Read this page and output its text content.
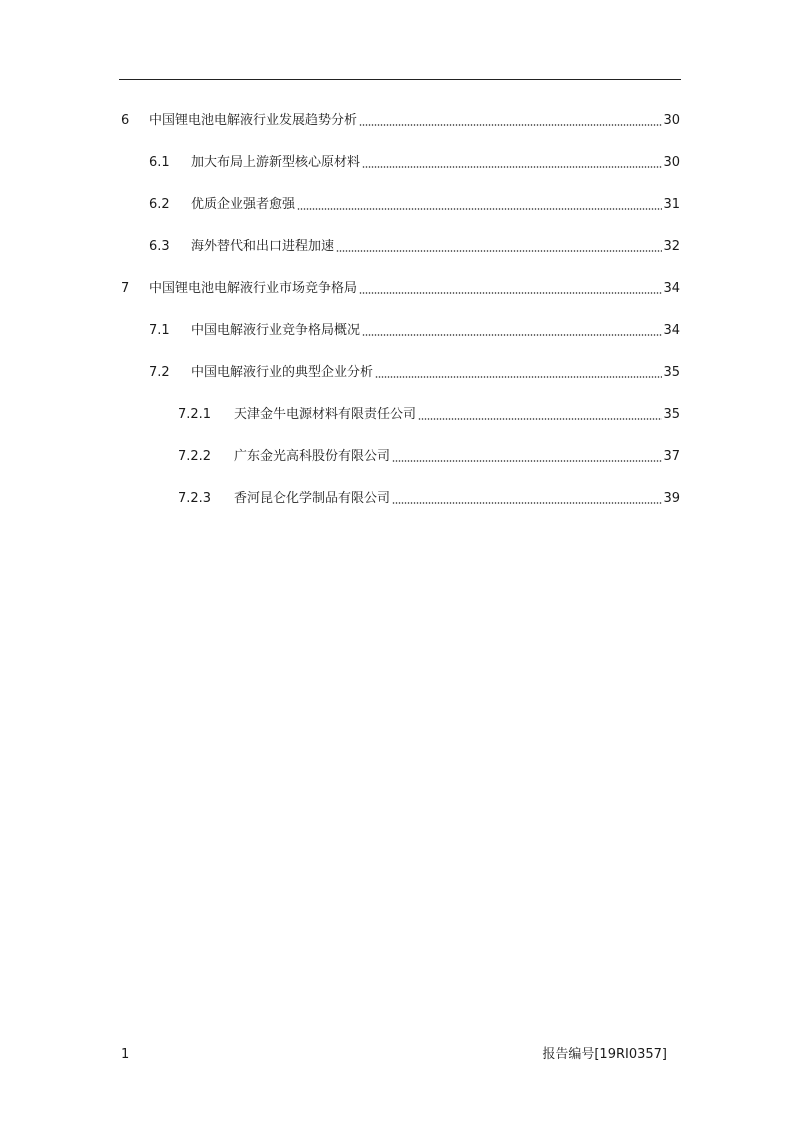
6	中国锂电池电解液行业发展趋势分析	30
6.1	加大布局上游新型核心原材料	30
6.2	优质企业强者愈强	31
6.3	海外替代和出口进程加速	32
7	中国锂电池电解液行业市场竞争格局	34
7.1	中国电解液行业竞争格局概况	34
7.2	中国电解液行业的典型企业分析	35
7.2.1	天津金牛电源材料有限责任公司	35
7.2.2	广东金光高科股份有限公司	37
7.2.3	香河昆仑化学制品有限公司	39
1	报告编号[19RI0357]
